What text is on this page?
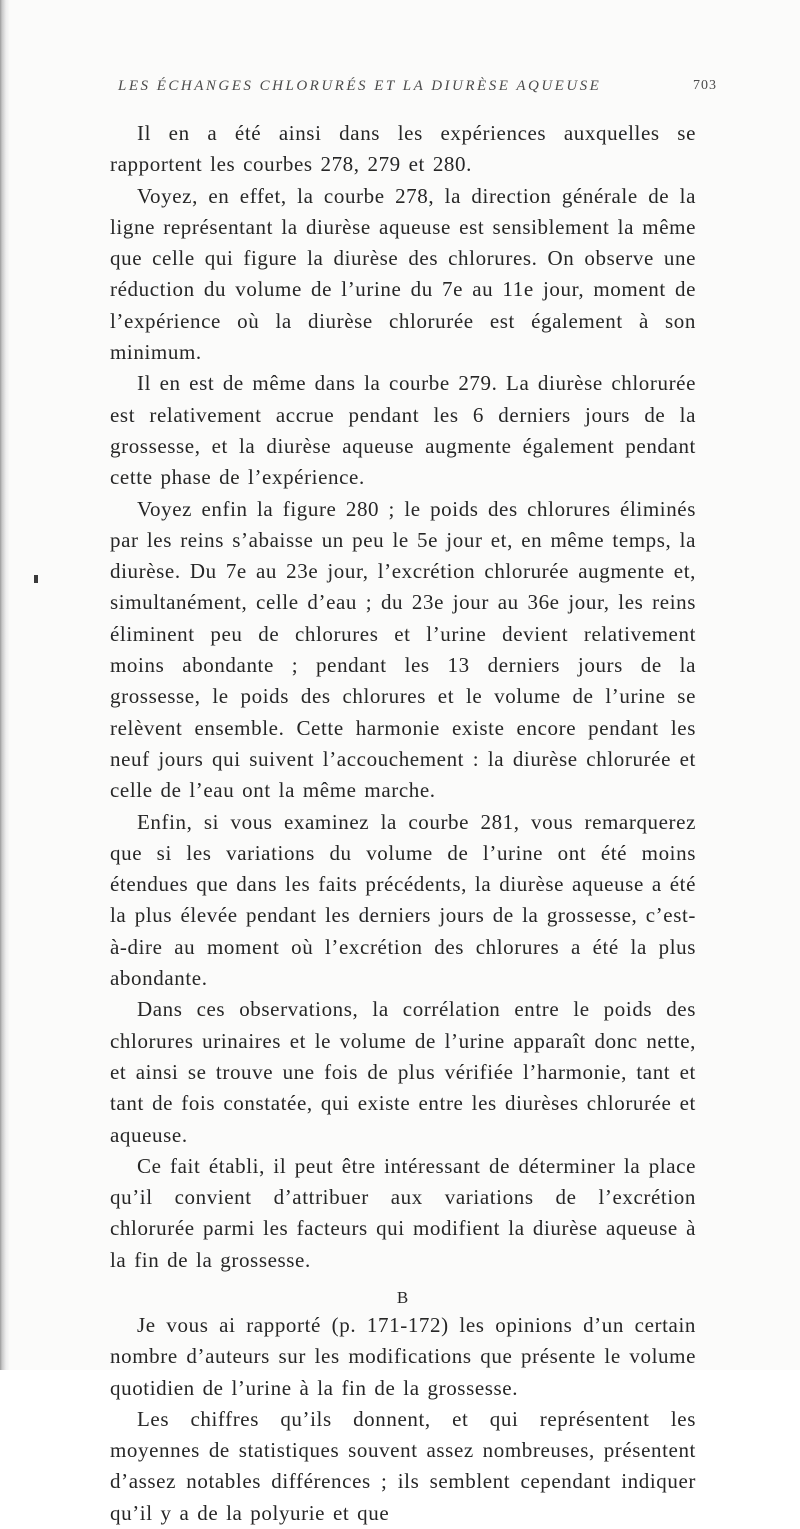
LES ÉCHANGES CHLORURÉS ET LA DIURÈSE AQUEUSE	703

Il en a été ainsi dans les expériences auxquelles se rapportent les courbes 278, 279 et 280.

Voyez, en effet, la courbe 278, la direction générale de la ligne représentant la diurèse aqueuse est sensiblement la même que celle qui figure la diurèse des chlorures. On observe une réduction du volume de l’urine du 7e au 11e jour, moment de l’expérience où la diurèse chlorurée est également à son minimum.

Il en est de même dans la courbe 279. La diurèse chlorurée est relativement accrue pendant les 6 derniers jours de la grossesse, et la diurèse aqueuse augmente également pendant cette phase de l’expérience.

Voyez enfin la figure 280 ; le poids des chlorures éliminés par les reins s’abaisse un peu le 5e jour et, en même temps, la diurèse. Du 7e au 23e jour, l’excrétion chlorurée augmente et, simultanément, celle d’eau ; du 23e jour au 36e jour, les reins éliminent peu de chlorures et l’urine devient relativement moins abondante ; pendant les 13 derniers jours de la grossesse, le poids des chlorures et le volume de l’urine se relèvent ensemble. Cette harmonie existe encore pendant les neuf jours qui suivent l’accouchement : la diurèse chlorurée et celle de l’eau ont la même marche.

Enfin, si vous examinez la courbe 281, vous remarquerez que si les variations du volume de l’urine ont été moins étendues que dans les faits précédents, la diurèse aqueuse a été la plus élevée pendant les derniers jours de la grossesse, c’est-à-dire au moment où l’excrétion des chlorures a été la plus abondante.

Dans ces observations, la corrélation entre le poids des chlorures urinaires et le volume de l’urine apparaît donc nette, et ainsi se trouve une fois de plus vérifiée l’harmonie, tant et tant de fois constatée, qui existe entre les diurèses chlorurée et aqueuse.

Ce fait établi, il peut être intéressant de déterminer la place qu’il convient d’attribuer aux variations de l’excrétion chlorurée parmi les facteurs qui modifient la diurèse aqueuse à la fin de la grossesse.

B

Je vous ai rapporté (p. 171-172) les opinions d’un certain nombre d’auteurs sur les modifications que présente le volume quotidien de l’urine à la fin de la grossesse.

Les chiffres qu’ils donnent, et qui représentent les moyennes de statistiques souvent assez nombreuses, présentent d’assez notables différences ; ils semblent cependant indiquer qu’il y a de la polyurie et que
